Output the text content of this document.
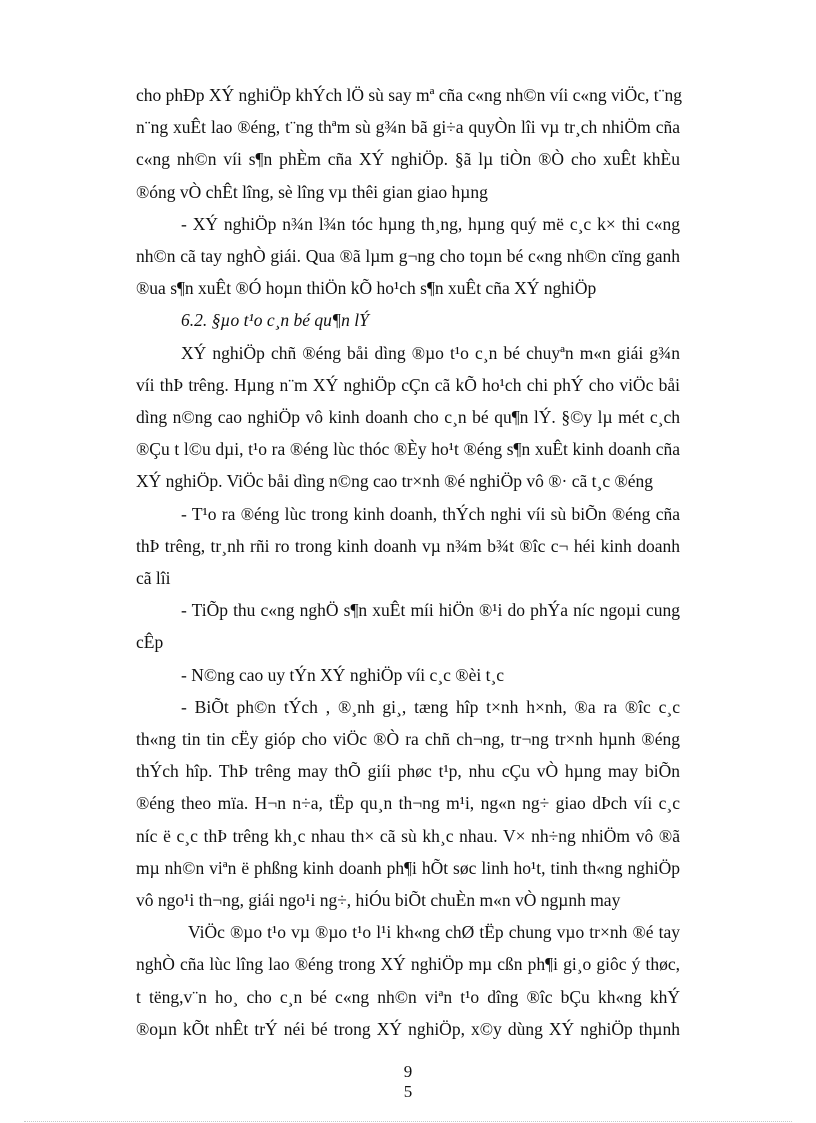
cho phÐp XÝ nghiÖp khÝch lÖ sù say mª cña c«ng nh©n víi c«ng viÖc, t¨ng
n¨ng xuÊt lao ®éng, t¨ng thªm sù g¾n bã gi÷a quyÒn lîi vµ tr¸ch nhiÖm cña
c«ng nh©n víi s¶n phÈm cña XÝ nghiÖp. §ã lµ tiÒn ®Ò cho xuÊt khÈu
®óng vÒ chÊt lîng, sè lîng vµ thêi gian giao hµng

- XÝ nghiÖp n¾n l¾n tóc hµng th¸ng, hµng quý më c¸c k× thi c«ng
nh©n cã tay nghÒ giái. Qua ®ã lµm g¬ng cho toµn bé c«ng nh©n cïng ganh
®ua s¶n xuÊt ®Ó hoµn thiÖn kÕ ho¹ch s¶n xuÊt cña XÝ nghiÖp

6.2. §µo t¹o c¸n bé qu¶n lÝ

XÝ nghiÖp chñ ®éng båi dìng ®µo t¹o c¸n bé chuyªn m«n giái g¾n
víi thÞ trêng. Hµng n¨m XÝ nghiÖp cÇn cã kÕ ho¹ch chi phÝ cho viÖc båi
dìng n©ng cao nghiÖp vô kinh doanh cho c¸n bé qu¶n lÝ. §©y lµ mét c¸ch
®Çu t l©u dµi, t¹o ra ®éng lùc thóc ®Èy ho¹t ®éng s¶n xuÊt kinh doanh cña
XÝ nghiÖp. ViÖc båi dìng n©ng cao tr×nh ®é nghiÖp vô ®· cã t¸c ®éng

- T¹o ra ®éng lùc trong kinh doanh, thÝch nghi víi sù biÕn ®éng cña
thÞ trêng, tr¸nh rñi ro trong kinh doanh vµ n¾m b¾t ®îc c¬ héi kinh doanh
cã lîi

- TiÕp thu c«ng nghÖ s¶n xuÊt míi hiÖn ®¹i do phÝa níc ngoµi cung
cÊp

- N©ng cao uy tÝn XÝ nghiÖp víi c¸c ®èi t¸c

- BiÕt ph©n tÝch , ®¸nh gi¸, tæng hîp t×nh h×nh, ®a ra ®îc c¸c
th«ng tin tin cËy gióp cho viÖc ®Ò ra chñ ch¬ng, tr¬ng tr×nh hµnh ®éng
thÝch hîp. ThÞ trêng may thÕ giíi phøc t¹p, nhu cÇu vÒ hµng may biÕn
®éng theo mïa. H¬n n÷a, tËp qu¸n th¬ng m¹i, ng«n ng÷ giao dÞch víi c¸c
níc ë c¸c thÞ trêng kh¸c nhau th× cã sù kh¸c nhau. V× nh÷ng nhiÖm vô ®ã
mµ nh©n viªn ë phßng kinh doanh ph¶i hÕt søc linh ho¹t, tinh th«ng nghiÖp
vô ngo¹i th¬ng, giái ngo¹i ng÷, hiÓu biÕt chuÈn m«n vÒ ngµnh may

ViÖc ®µo t¹o vµ ®µo t¹o l¹i kh«ng chØ tËp chung vµo tr×nh ®é tay
nghÒ cña lùc lîng lao ®éng trong XÝ nghiÖp mµ cßn ph¶i gi¸o giôc ý thøc,
t tëng,v¨n ho¸ cho c¸n bé c«ng nh©n viªn t¹o dîng ®îc bÇu kh«ng khÝ
®oµn kÕt nhÊt trÝ néi bé trong XÝ nghiÖp, x©y dùng XÝ nghiÖp thµnh

9
5
